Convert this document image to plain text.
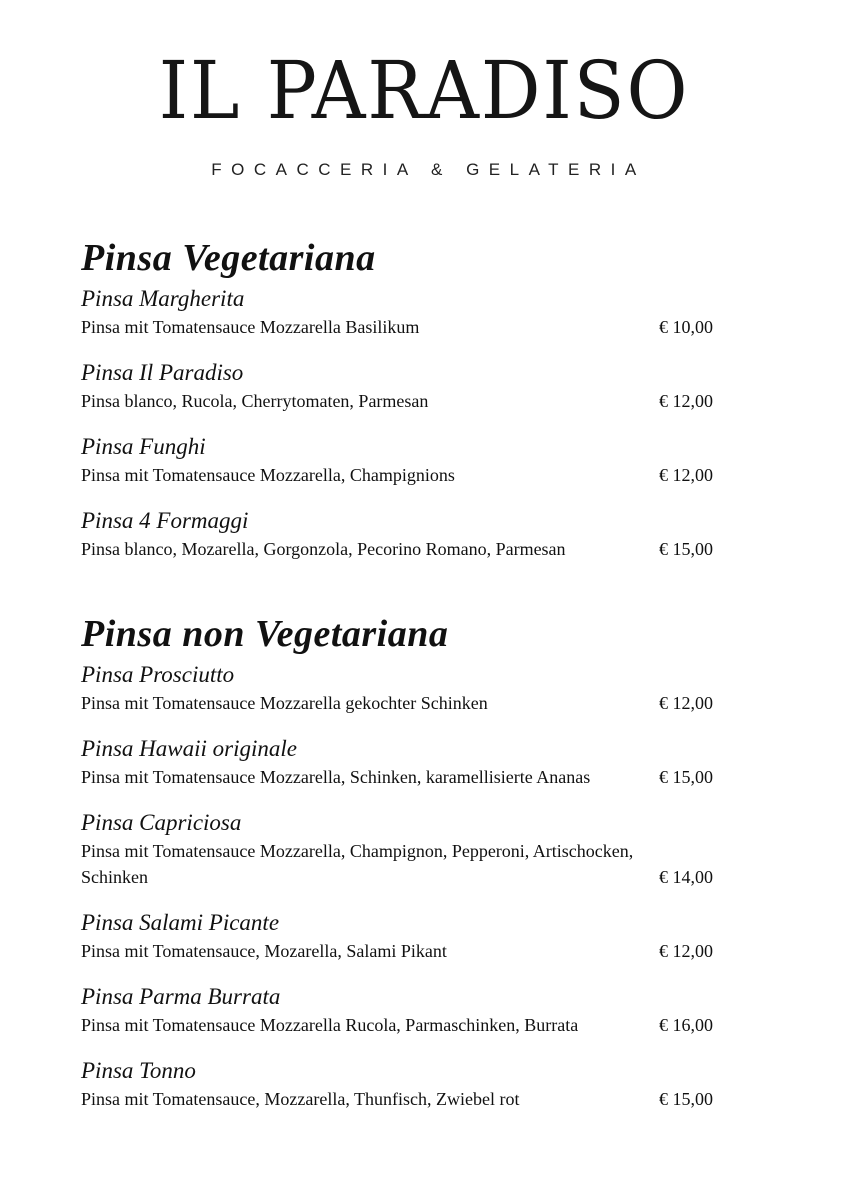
IL PARADISO

FOCACCERIA & GELATERIA

Pinsa Vegetariana

Pinsa Margherita

Pinsa mit Tomatensauce Mozzarella Basilikum	€ 10,00

Pinsa Il Paradiso

Pinsa blanco, Rucola, Cherrytomaten, Parmesan	€ 12,00

Pinsa Funghi

Pinsa mit Tomatensauce Mozzarella, Champignions	€ 12,00

Pinsa 4 Formaggi

Pinsa blanco, Mozarella, Gorgonzola, Pecorino Romano, Parmesan	€ 15,00
Pinsa non Vegetariana

Pinsa Prosciutto

Pinsa mit Tomatensauce Mozzarella gekochter Schinken	€ 12,00

Pinsa Hawaii originale

Pinsa mit Tomatensauce Mozzarella, Schinken, karamellisierte Ananas	€ 15,00

Pinsa Capriciosa

Pinsa mit Tomatensauce Mozzarella, Champignon, Pepperoni, Artischocken, Schinken	€ 14,00

Pinsa Salami Picante

Pinsa mit Tomatensauce, Mozarella, Salami Pikant	€ 12,00

Pinsa Parma Burrata

Pinsa mit Tomatensauce Mozzarella Rucola, Parmaschinken, Burrata	€ 16,00

Pinsa Tonno

Pinsa mit Tomatensauce, Mozzarella, Thunfisch, Zwiebel rot	€ 15,00
